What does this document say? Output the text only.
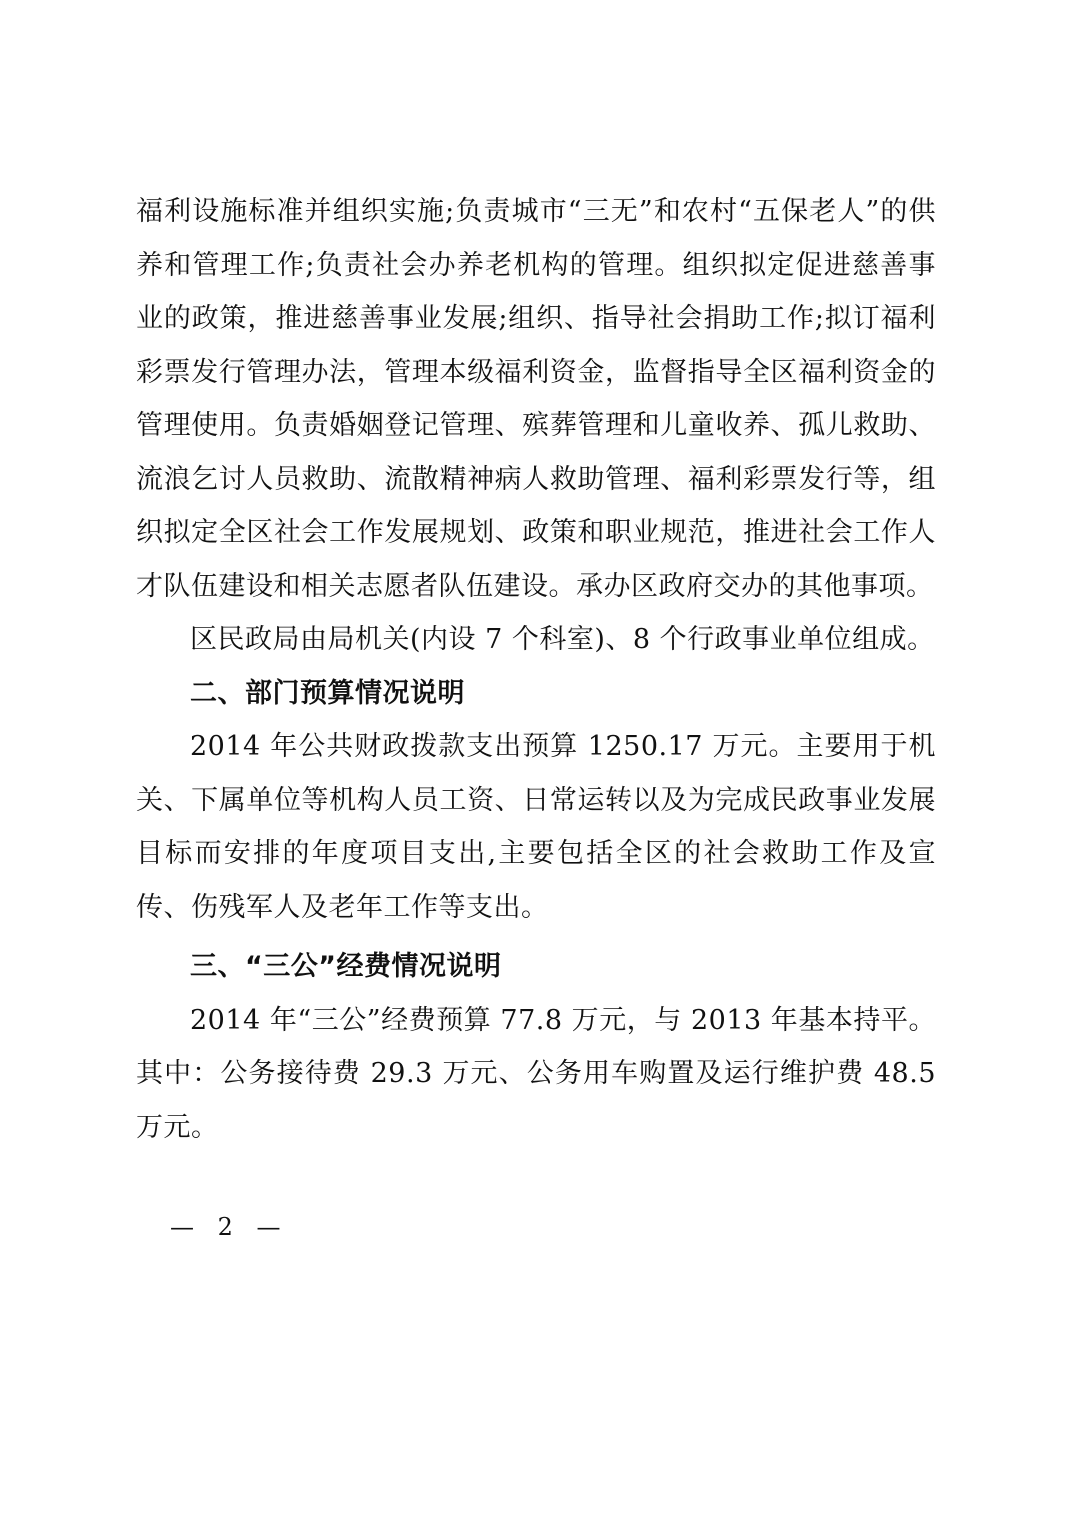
福利设施标准并组织实施;负责城市“三无”和农村“五保老人”的供养和管理工作;负责社会办养老机构的管理。组织拟定促进慈善事业的政策，推进慈善事业发展;组织、指导社会捐助工作;拟订福利彩票发行管理办法，管理本级福利资金，监督指导全区福利资金的管理使用。负责婚姻登记管理、殡葬管理和儿童收养、孤儿救助、流浪乞讨人员救助、流散精神病人救助管理、福利彩票发行等，组织拟定全区社会工作发展规划、政策和职业规范，推进社会工作人才队伍建设和相关志愿者队伍建设。承办区政府交办的其他事项。

区民政局由局机关(内设 7 个科室)、8 个行政事业单位组成。

二、部门预算情况说明

2014 年公共财政拨款支出预算 1250.17 万元。主要用于机关、下属单位等机构人员工资、日常运转以及为完成民政事业发展目标而安排的年度项目支出,主要包括全区的社会救助工作及宣传、伤残军人及老年工作等支出。

三、“三公”经费情况说明

2014 年“三公”经费预算 77.8 万元，与 2013 年基本持平。其中：公务接待费 29.3 万元、公务用车购置及运行维护费 48.5 万元。

— 2 —
